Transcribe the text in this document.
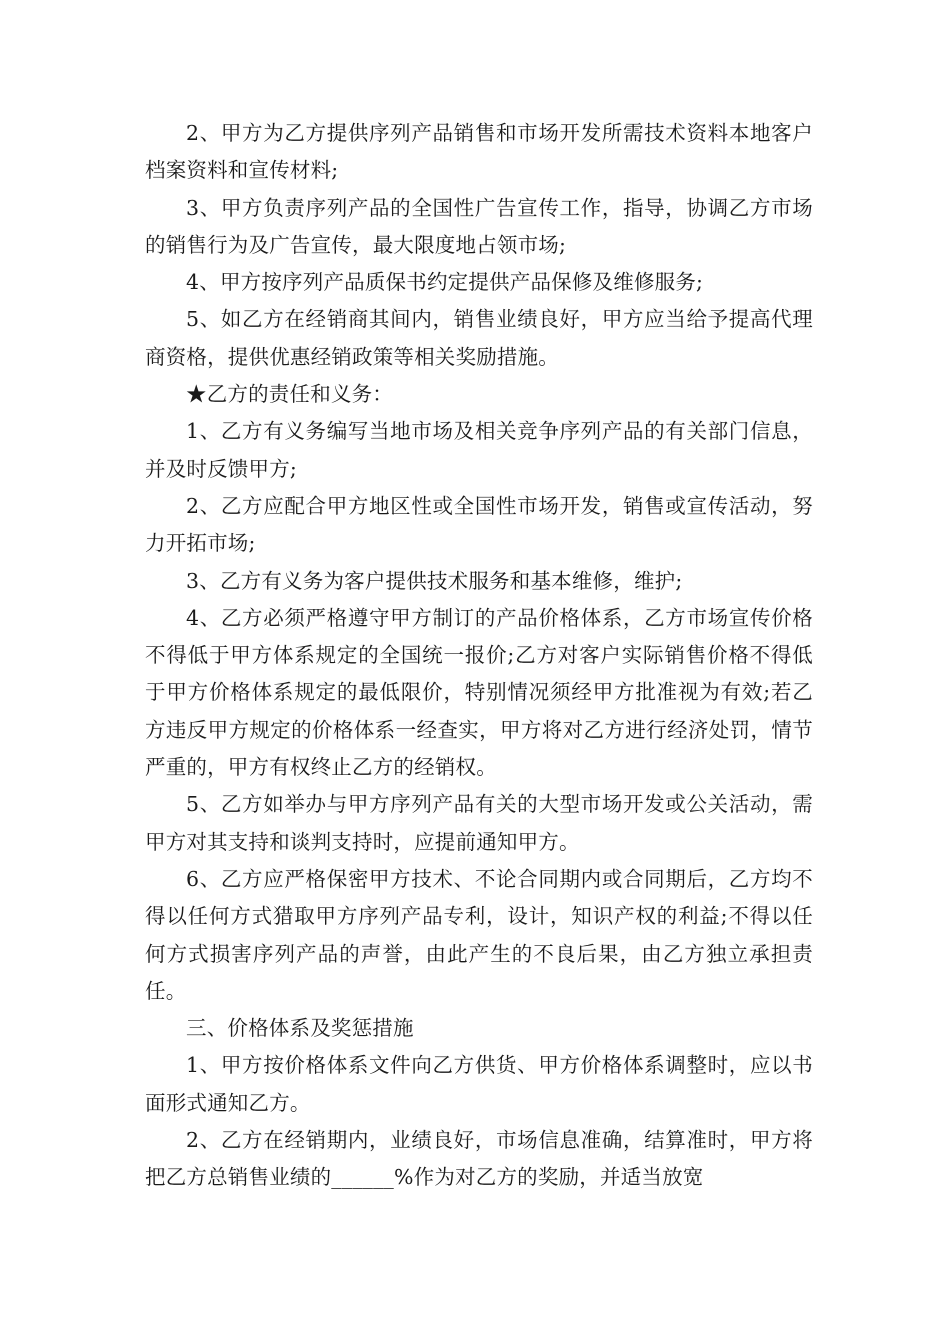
2、甲方为乙方提供序列产品销售和市场开发所需技术资料本地客户档案资料和宣传材料;

3、甲方负责序列产品的全国性广告宣传工作，指导，协调乙方市场的销售行为及广告宣传，最大限度地占领市场;

4、甲方按序列产品质保书约定提供产品保修及维修服务;

5、如乙方在经销商其间内，销售业绩良好，甲方应当给予提高代理商资格，提供优惠经销政策等相关奖励措施。

★乙方的责任和义务：

1、乙方有义务编写当地市场及相关竞争序列产品的有关部门信息，并及时反馈甲方;

2、乙方应配合甲方地区性或全国性市场开发，销售或宣传活动，努力开拓市场;

3、乙方有义务为客户提供技术服务和基本维修，维护;

4、乙方必须严格遵守甲方制订的产品价格体系，乙方市场宣传价格不得低于甲方体系规定的全国统一报价;乙方对客户实际销售价格不得低于甲方价格体系规定的最低限价，特别情况须经甲方批准视为有效;若乙方违反甲方规定的价格体系一经查实，甲方将对乙方进行经济处罚，情节严重的，甲方有权终止乙方的经销权。

5、乙方如举办与甲方序列产品有关的大型市场开发或公关活动，需甲方对其支持和谈判支持时，应提前通知甲方。

6、乙方应严格保密甲方技术、不论合同期内或合同期后，乙方均不得以任何方式猎取甲方序列产品专利，设计，知识产权的利益;不得以任何方式损害序列产品的声誉，由此产生的不良后果，由乙方独立承担责任。

三、价格体系及奖惩措施

1、甲方按价格体系文件向乙方供货、甲方价格体系调整时，应以书面形式通知乙方。

2、乙方在经销期内，业绩良好，市场信息准确，结算准时，甲方将把乙方总销售业绩的______%作为对乙方的奖励，并适当放宽
